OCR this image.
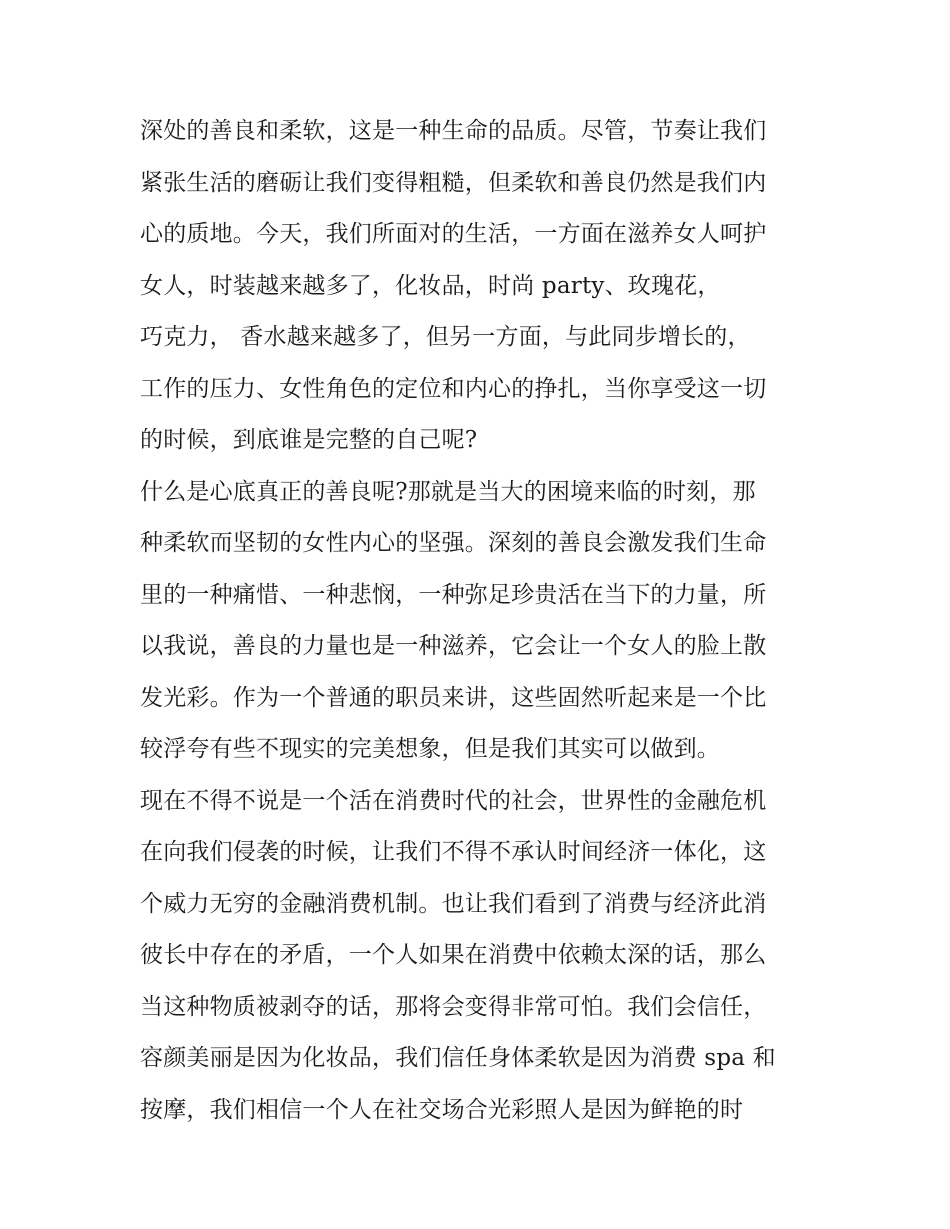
深处的善良和柔软，这是一种生命的品质。尽管，节奏让我们
紧张生活的磨砺让我们变得粗糙，但柔软和善良仍然是我们内
心的质地。今天，我们所面对的生活，一方面在滋养女人呵护
女人，时装越来越多了，化妆品，时尚 party、玫瑰花，
巧克力， 香水越来越多了，但另一方面，与此同步增长的，
工作的压力、女性角色的定位和内心的挣扎，当你享受这一切
的时候，到底谁是完整的自己呢?
什么是心底真正的善良呢?那就是当大的困境来临的时刻，那
种柔软而坚韧的女性内心的坚强。深刻的善良会激发我们生命
里的一种痛惜、一种悲悯，一种弥足珍贵活在当下的力量，所
以我说，善良的力量也是一种滋养，它会让一个女人的脸上散
发光彩。作为一个普通的职员来讲，这些固然听起来是一个比
较浮夸有些不现实的完美想象，但是我们其实可以做到。
现在不得不说是一个活在消费时代的社会，世界性的金融危机
在向我们侵袭的时候，让我们不得不承认时间经济一体化，这
个威力无穷的金融消费机制。也让我们看到了消费与经济此消
彼长中存在的矛盾，一个人如果在消费中依赖太深的话，那么
当这种物质被剥夺的话，那将会变得非常可怕。我们会信任，
容颜美丽是因为化妆品，我们信任身体柔软是因为消费 spa 和
按摩，我们相信一个人在社交场合光彩照人是因为鲜艳的时
